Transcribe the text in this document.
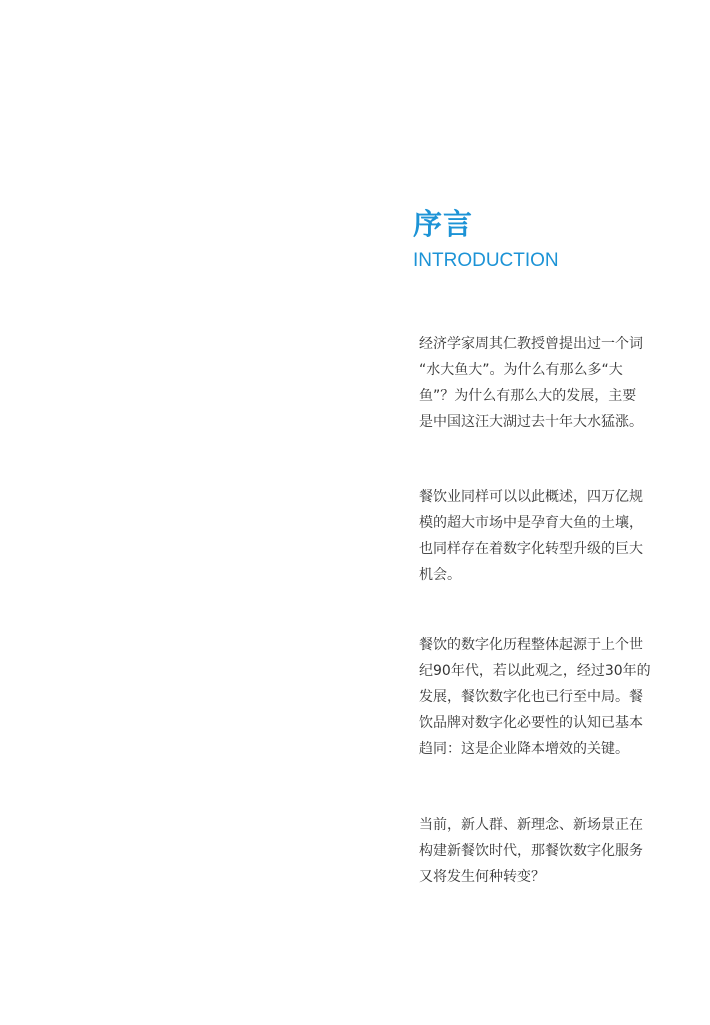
序言
INTRODUCTION
经济学家周其仁教授曾提出过一个词
“水大鱼大”。为什么有那么多“大
鱼”？为什么有那么大的发展，主要
是中国这汪大湖过去十年大水猛涨。
餐饮业同样可以以此概述，四万亿规
模的超大市场中是孕育大鱼的土壤，
也同样存在着数字化转型升级的巨大
机会。
餐饮的数字化历程整体起源于上个世
纪90年代，若以此观之，经过30年的
发展，餐饮数字化也已行至中局。餐
饮品牌对数字化必要性的认知已基本
趋同：这是企业降本增效的关键。
当前，新人群、新理念、新场景正在
构建新餐饮时代，那餐饮数字化服务
又将发生何种转变？
